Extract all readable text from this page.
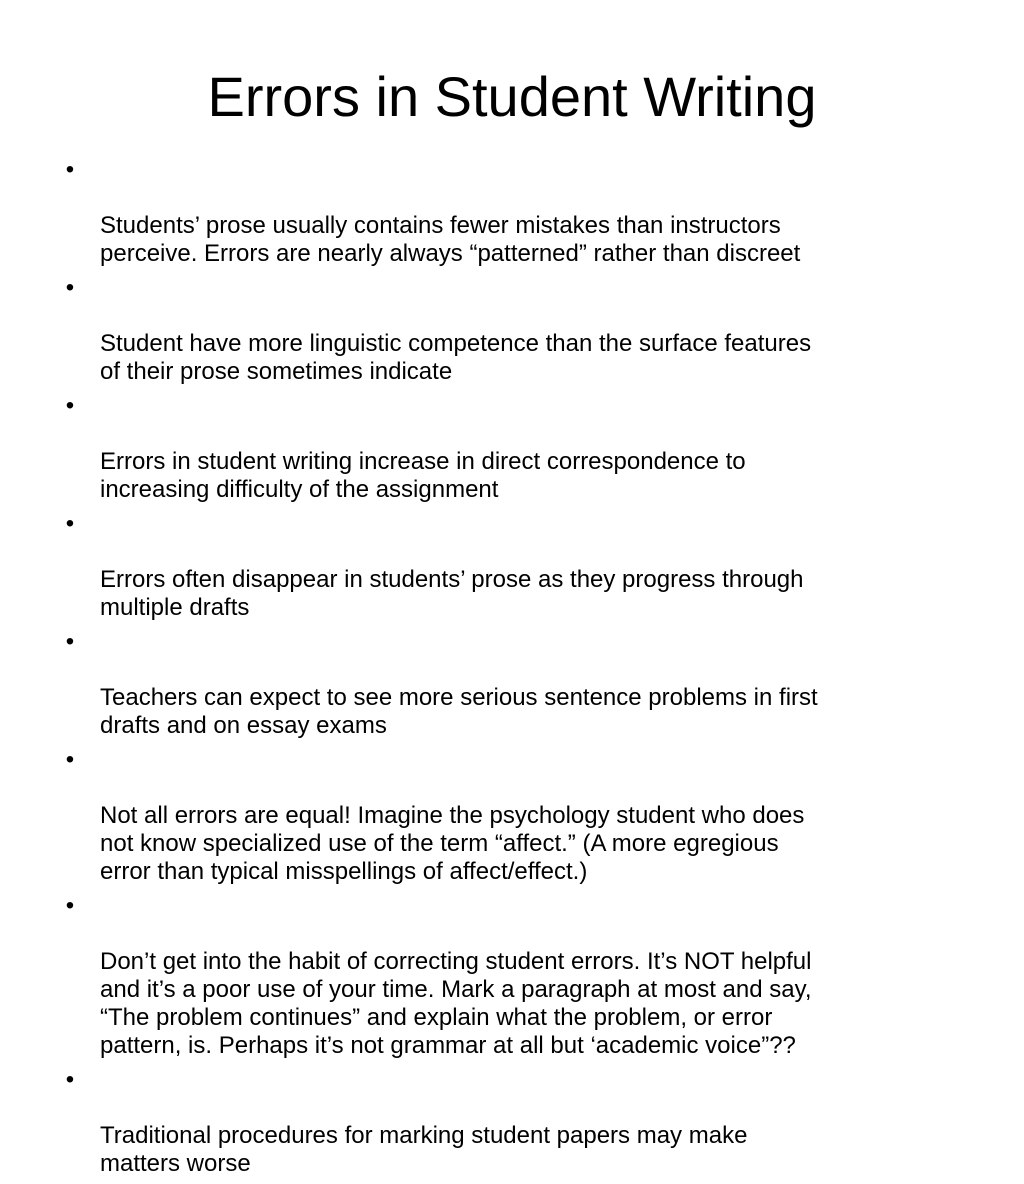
Errors in Student Writing

•

Students’ prose usually contains fewer mistakes than instructors
perceive. Errors are nearly always “patterned” rather than discreet

•

Student have more linguistic competence than the surface features
of their prose sometimes indicate

•

Errors in student writing increase in direct correspondence to
increasing difficulty of the assignment

•

Errors often disappear in students’ prose as they progress through
multiple drafts

•

Teachers can expect to see more serious sentence problems in first
drafts and on essay exams

•

Not all errors are equal! Imagine the psychology student who does
not know specialized use of the term “affect.” (A more egregious
error than typical misspellings of affect/effect.)

•

Don’t get into the habit of correcting student errors. It’s NOT helpful
and it’s a poor use of your time. Mark a paragraph at most and say,
“The problem continues” and explain what the problem, or error
pattern, is. Perhaps it’s not grammar at all but ‘academic voice”??

•

Traditional procedures for marking student papers may make
matters worse
